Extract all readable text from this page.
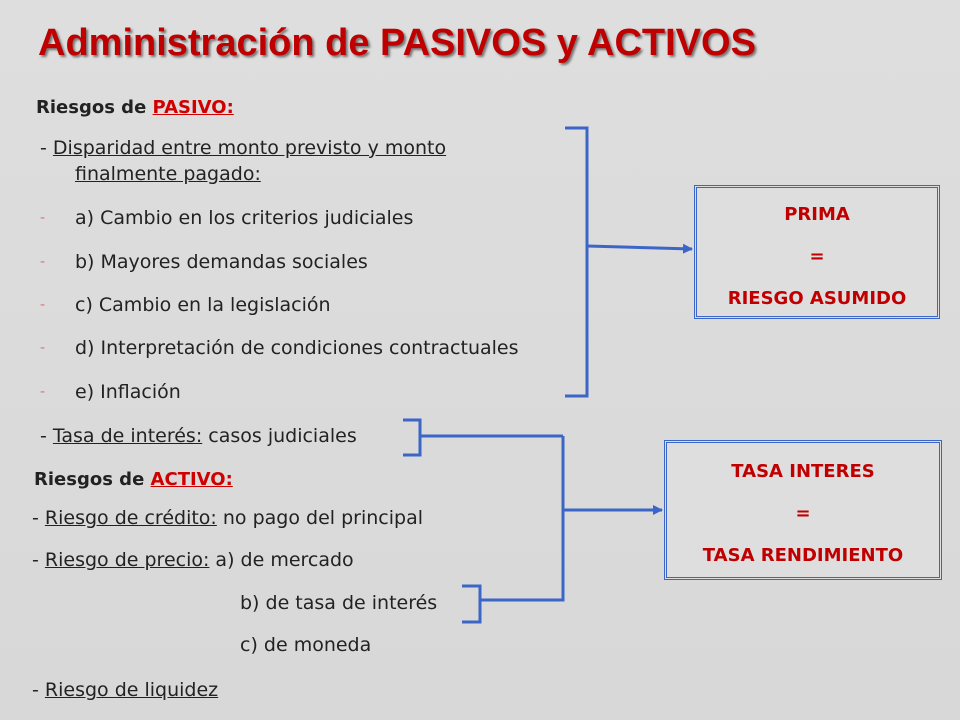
Administración de PASIVOS y ACTIVOS
Riesgos de PASIVO:
- Disparidad entre monto previsto y monto
finalmente pagado:
- a) Cambio en los criterios judiciales
- b) Mayores demandas sociales
- c) Cambio en la legislación
- d) Interpretación de condiciones contractuales
- e) Inflación
- Tasa de interés: casos judiciales
Riesgos de ACTIVO:
- Riesgo de crédito: no pago del principal
- Riesgo de precio: a) de mercado
b) de tasa de interés
c) de moneda
- Riesgo de liquidez
PRIMA
=
RIESGO ASUMIDO
TASA INTERES
=
TASA RENDIMIENTO
